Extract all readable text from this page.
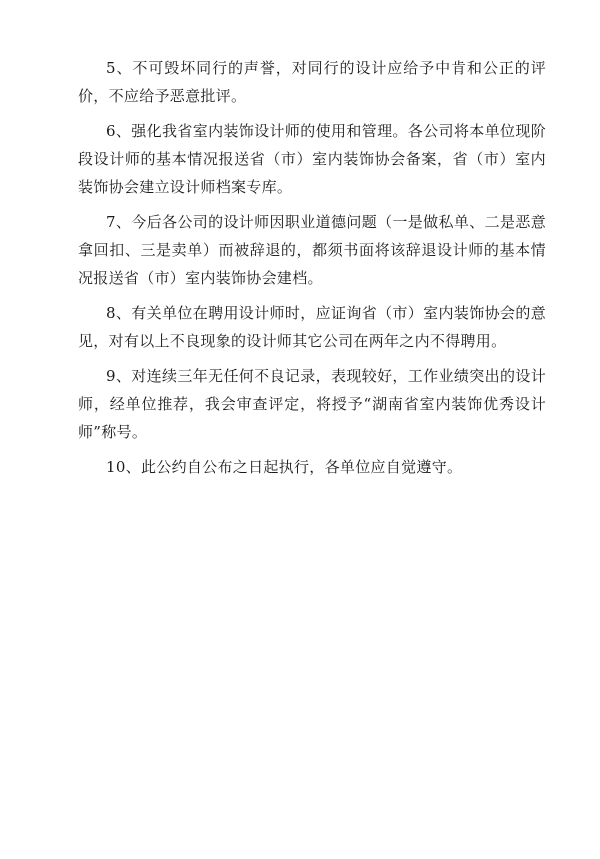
5、不可毁坏同行的声誉，对同行的设计应给予中肯和公正的评价，不应给予恶意批评。

6、强化我省室内装饰设计师的使用和管理。各公司将本单位现阶段设计师的基本情况报送省（市）室内装饰协会备案，省（市）室内装饰协会建立设计师档案专库。

7、今后各公司的设计师因职业道德问题（一是做私单、二是恶意拿回扣、三是卖单）而被辞退的，都须书面将该辞退设计师的基本情况报送省（市）室内装饰协会建档。

8、有关单位在聘用设计师时，应证询省（市）室内装饰协会的意见，对有以上不良现象的设计师其它公司在两年之内不得聘用。

9、对连续三年无任何不良记录，表现较好，工作业绩突出的设计师，经单位推荐，我会审查评定，将授予“湖南省室内装饰优秀设计师”称号。

10、此公约自公布之日起执行，各单位应自觉遵守。
